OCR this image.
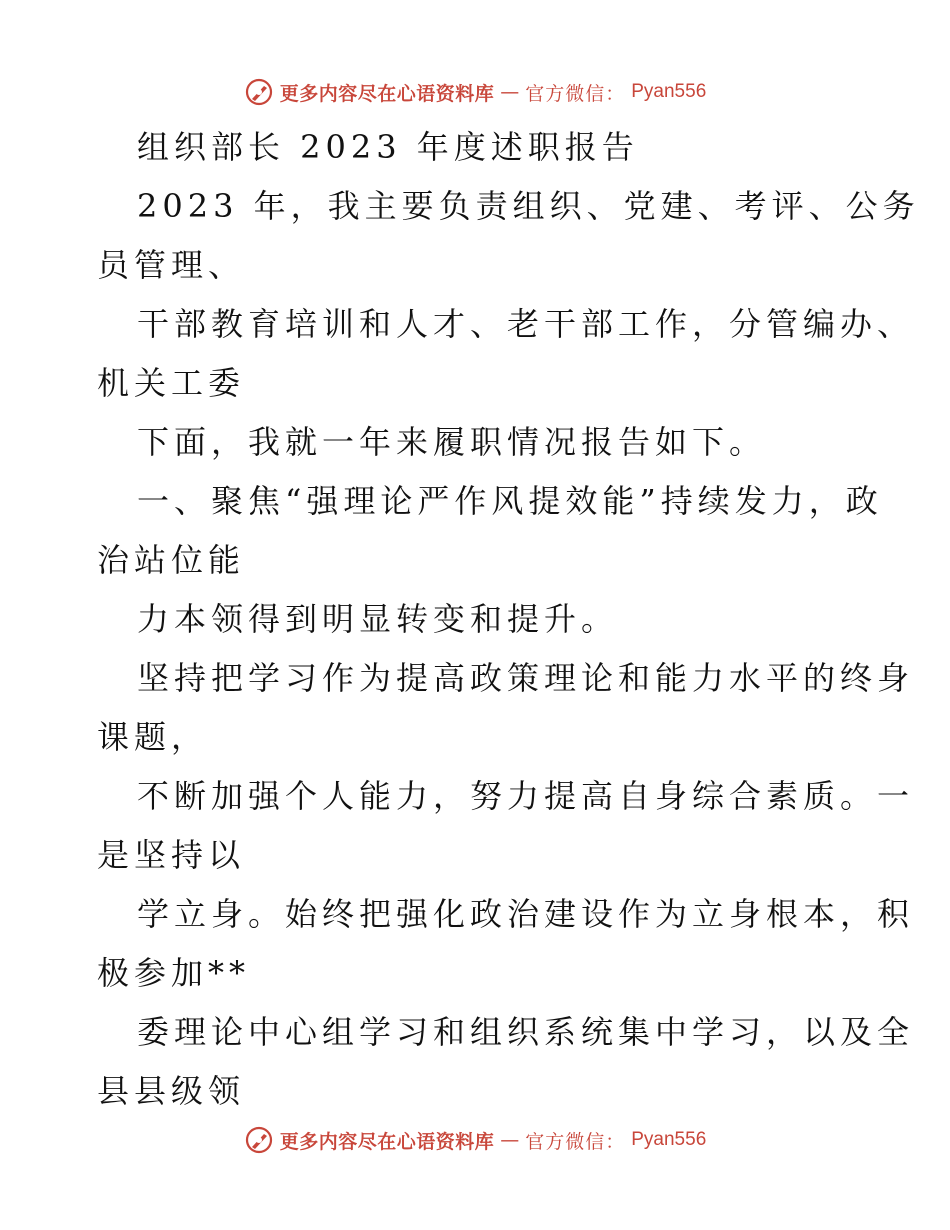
更多内容尽在心语资料库 — 官方微信： Pyan556
组织部长 2023 年度述职报告
2023 年，我主要负责组织、党建、考评、公务
员管理、
干部教育培训和人才、老干部工作，分管编办、
机关工委
下面，我就一年来履职情况报告如下。
一、聚焦“强理论严作风提效能”持续发力，政
治站位能
力本领得到明显转变和提升。
坚持把学习作为提高政策理论和能力水平的终身
课题，
不断加强个人能力，努力提高自身综合素质。一
是坚持以
学立身。始终把强化政治建设作为立身根本，积
极参加**
委理论中心组学习和组织系统集中学习，以及全
县县级领
更多内容尽在心语资料库 — 官方微信： Pyan556
